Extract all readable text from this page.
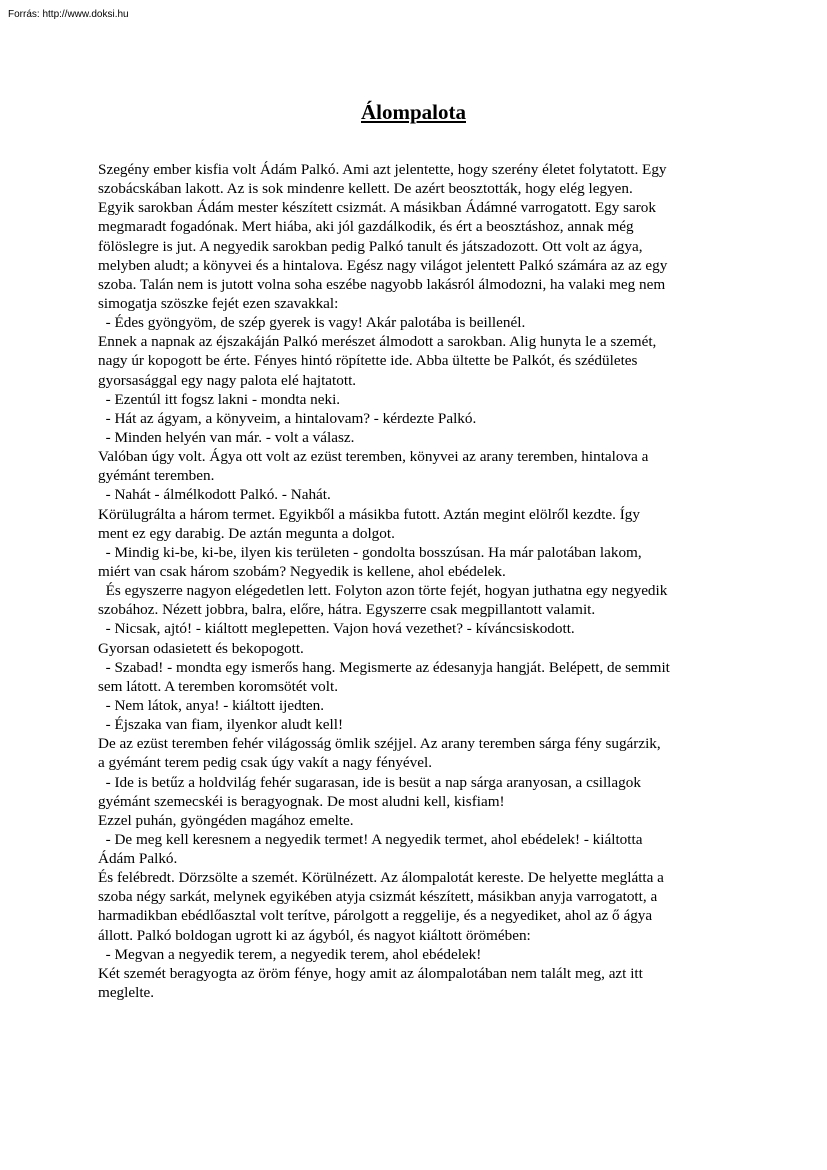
Forrás: http://www.doksi.hu
Álompalota
Szegény ember kisfia volt Ádám Palkó. Ami azt jelentette, hogy szerény életet folytatott. Egy
szobácskában lakott. Az is sok mindenre kellett. De azért beosztották, hogy elég legyen.
Egyik sarokban Ádám mester készített csizmát. A másikban Ádámné varrogatott. Egy sarok
megmaradt fogadónak. Mert hiába, aki jól gazdálkodik, és ért a beosztáshoz, annak még
fölöslegre is jut. A negyedik sarokban pedig Palkó tanult és játszadozott. Ott volt az ágya,
melyben aludt; a könyvei és a hintalova. Egész nagy világot jelentett Palkó számára az az egy
szoba. Talán nem is jutott volna soha eszébe nagyobb lakásról álmodozni, ha valaki meg nem
simogatja szöszke fejét ezen szavakkal:
- Édes gyöngyöm, de szép gyerek is vagy! Akár palotába is beillenél.
Ennek a napnak az éjszakáján Palkó merészet álmodott a sarokban. Alig hunyta le a szemét,
nagy úr kopogott be érte. Fényes hintó röpítette ide. Abba ültette be Palkót, és szédületes
gyorsasággal egy nagy palota elé hajtatott.
- Ezentúl itt fogsz lakni - mondta neki.
- Hát az ágyam, a könyveim, a hintalovam? - kérdezte Palkó.
- Minden helyén van már. - volt a válasz.
Valóban úgy volt. Ágya ott volt az ezüst teremben, könyvei az arany teremben, hintalova a
gyémánt teremben.
- Nahát - álmélkodott Palkó. - Nahát.
Körülugrálta a három termet. Egyikből a másikba futott. Aztán megint elölről kezdte. Így
ment ez egy darabig. De aztán megunta a dolgot.
- Mindig ki-be, ki-be, ilyen kis területen - gondolta bosszúsan. Ha már palotában lakom,
miért van csak három szobám? Negyedik is kellene, ahol ebédelek.
És egyszerre nagyon elégedetlen lett. Folyton azon törte fejét, hogyan juthatna egy negyedik
szobához. Nézett jobbra, balra, előre, hátra. Egyszerre csak megpillantott valamit.
- Nicsak, ajtó! - kiáltott meglepetten. Vajon hová vezethet? - kíváncsiskodott.
Gyorsan odasietett és bekopogott.
- Szabad! - mondta egy ismerős hang. Megismerte az édesanyja hangját. Belépett, de semmit
sem látott. A teremben koromsötét volt.
- Nem látok, anya! - kiáltott ijedten.
- Éjszaka van fiam, ilyenkor aludt kell!
De az ezüst teremben fehér világosság ömlik széjjel. Az arany teremben sárga fény sugárzik,
a gyémánt terem pedig csak úgy vakít a nagy fényével.
- Ide is betűz a holdvilág fehér sugarasan, ide is besüt a nap sárga aranyosan, a csillagok
gyémánt szemecskéi is beragyognak. De most aludni kell, kisfiam!
Ezzel puhán, gyöngéden magához emelte.
- De meg kell keresnem a negyedik termet! A negyedik termet, ahol ebédelek! - kiáltotta
Ádám Palkó.
És felébredt. Dörzsölte a szemét. Körülnézett. Az álompalotát kereste. De helyette meglátta a
szoba négy sarkát, melynek egyikében atyja csizmát készített, másikban anyja varrogatott, a
harmadikban ebédlőasztal volt terítve, párolgott a reggelije, és a negyediket, ahol az ő ágya
állott. Palkó boldogan ugrott ki az ágyból, és nagyot kiáltott örömében:
- Megvan a negyedik terem, a negyedik terem, ahol ebédelek!
Két szemét beragyogta az öröm fénye, hogy amit az álompalotában nem talált meg, azt itt
meglelte.
